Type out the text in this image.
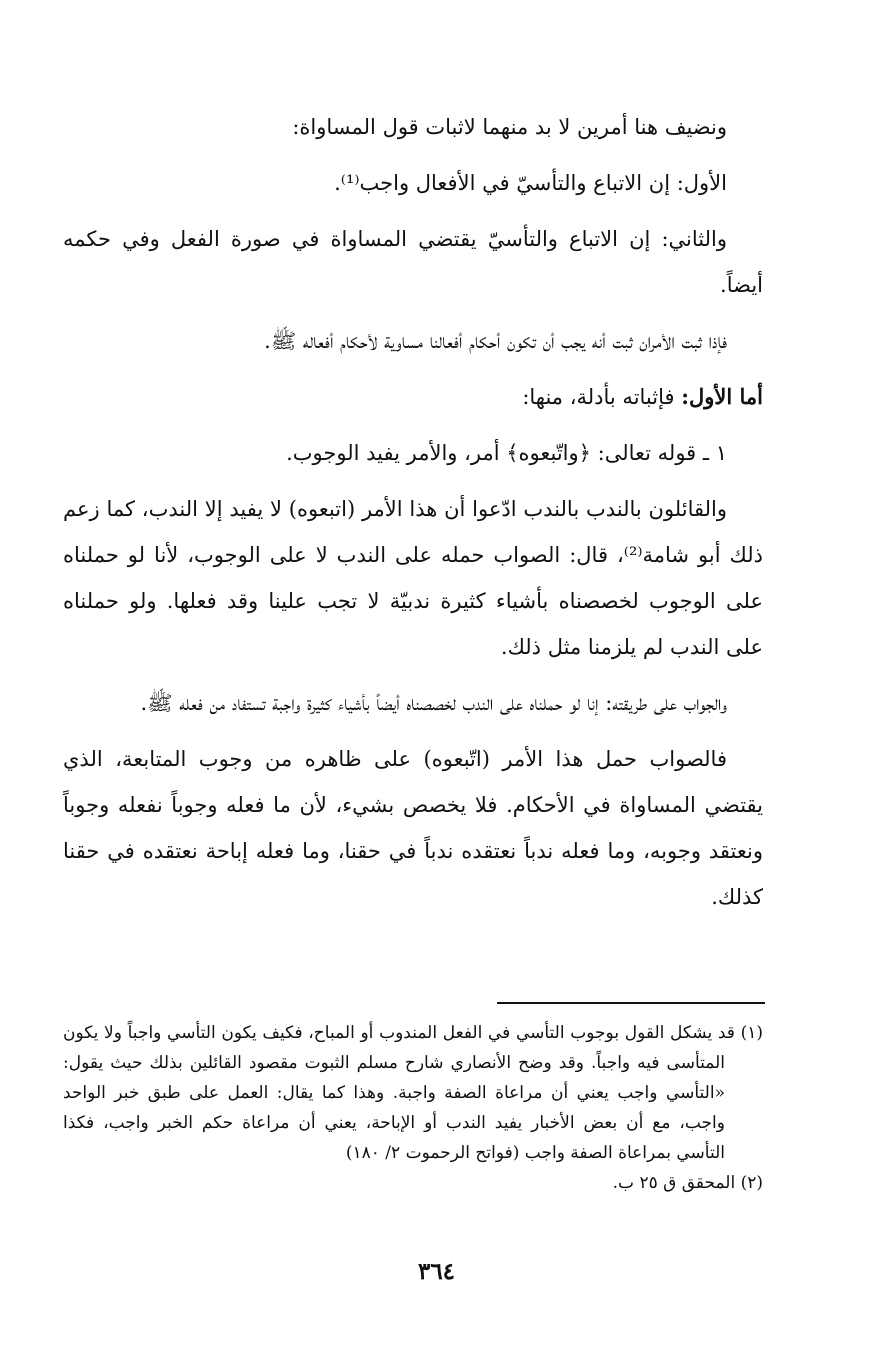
ونضيف هنا أمرين لا بد منهما لاثبات قول المساواة:

الأول: إن الاتباع والتأسيّ في الأفعال واجب⁽¹⁾.

والثاني: إن الاتباع والتأسيّ يقتضي المساواة في صورة الفعل وفي حكمه أيضاً.

فإذا ثبت الأمران ثبت أنه يجب أن تكون أحكام أفعالنا مساوية لأحكام أفعاله ﷺ.

أما الأول: فإثباته بأدلة، منها:

١ ـ قوله تعالى: ﴿واتّبعوه﴾ أمر، والأمر يفيد الوجوب.

والقائلون بالندب بالندب ادّعوا أن هذا الأمر (اتبعوه) لا يفيد إلا الندب، كما زعم ذلك أبو شامة⁽²⁾، قال: الصواب حمله على الندب لا على الوجوب، لأنا لو حملناه على الوجوب لخصصناه بأشياء كثيرة ندبيّة لا تجب علينا وقد فعلها. ولو حملناه على الندب لم يلزمنا مثل ذلك.

والجواب على طريقته: إنا لو حملناه على الندب لخصصناه أيضاً بأشياء كثيرة واجبة تستفاد من فعله ﷺ.

فالصواب حمل هذا الأمر (اتّبعوه) على ظاهره من وجوب المتابعة، الذي يقتضي المساواة في الأحكام. فلا يخصص بشيء، لأن ما فعله وجوباً نفعله وجوباً ونعتقد وجوبه، وما فعله ندباً نعتقده ندباً في حقنا، وما فعله إباحة نعتقده في حقنا كذلك.

(١) قد يشكل القول بوجوب التأسي في الفعل المندوب أو المباح، فكيف يكون التأسي واجباً ولا يكون المتأسى فيه واجباً. وقد وضح الأنصاري شارح مسلم الثبوت مقصود القائلين بذلك حيث يقول: «التأسي واجب يعني أن مراعاة الصفة واجبة. وهذا كما يقال: العمل على طبق خبر الواحد واجب، مع أن بعض الأخبار يفيد الندب أو الإباحة، يعني أن مراعاة حكم الخبر واجب، فكذا التأسي بمراعاة الصفة واجب (فواتح الرحموت ٢/ ١٨٠)

(٢) المحقق ق ٢٥ ب.

٣٦٤
